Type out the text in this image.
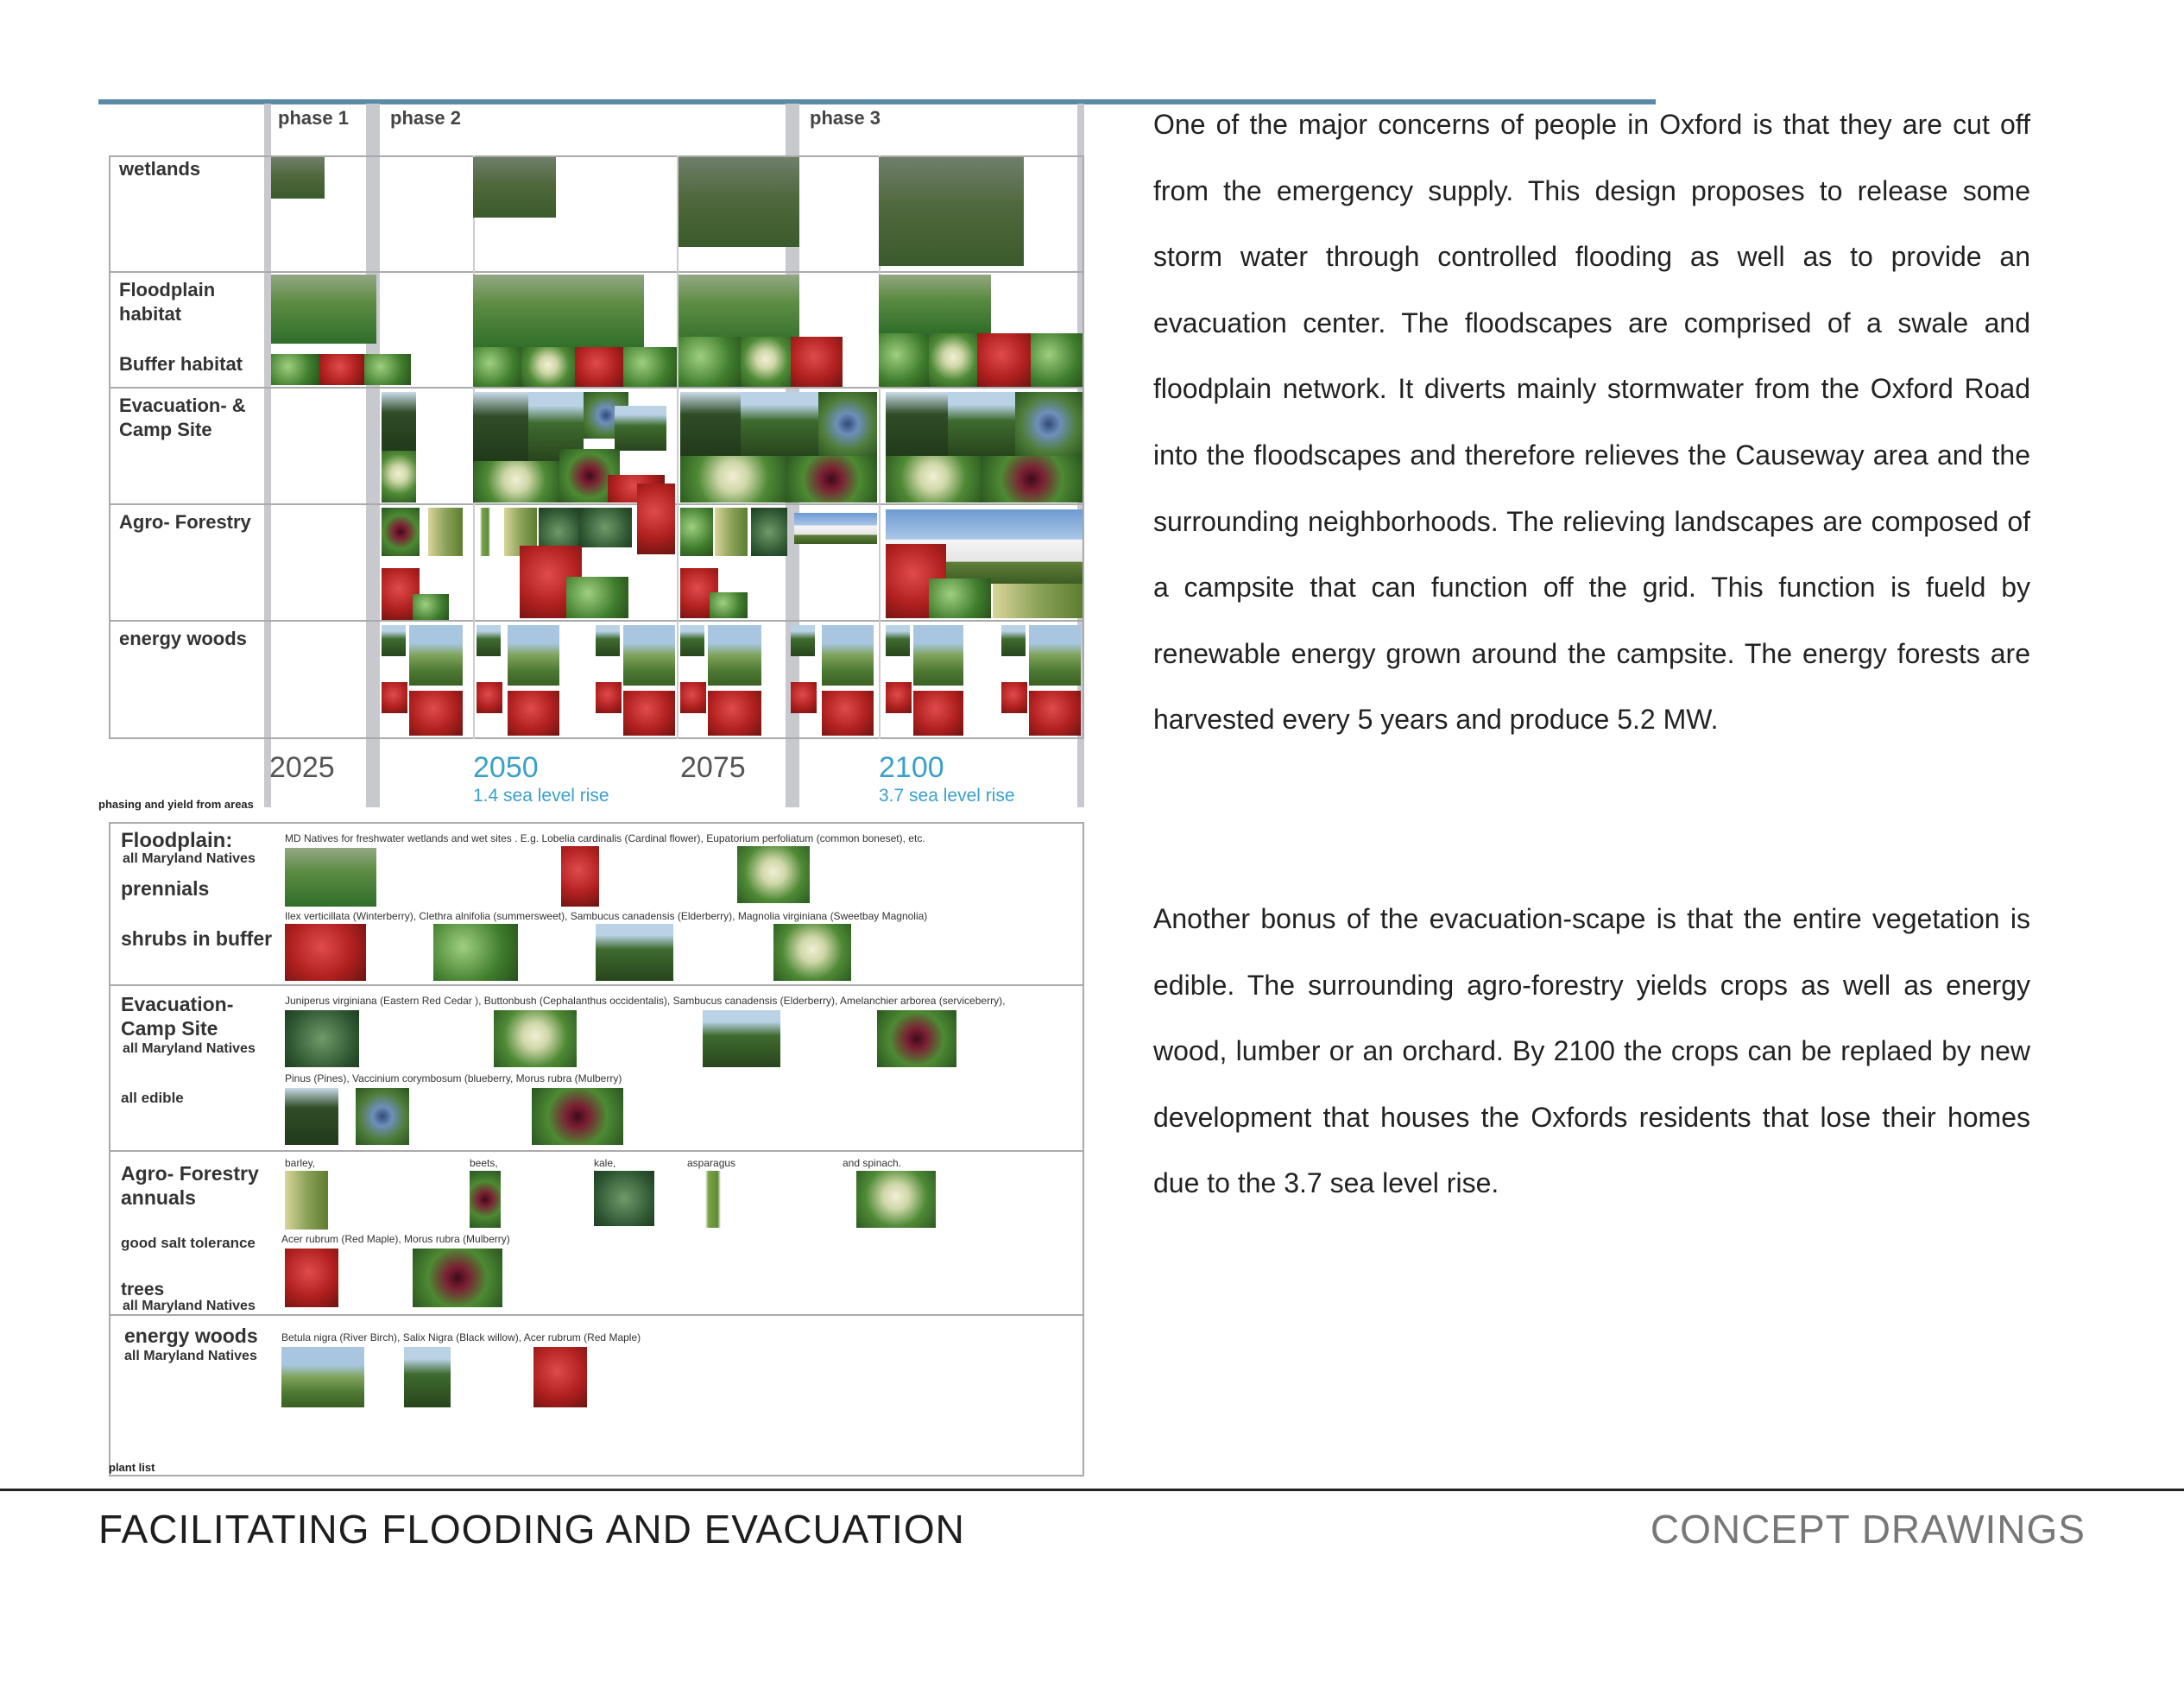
phase 1 phase 2	phase 3
wetlands
Floodplain habitat
Buffer habitat
Evacuation- & Camp Site
Agro- Forestry
energy woods
2025	2050	2075	2100
1.4 sea level rise	3.7 sea level rise
phasing and yield from areas
Floodplain:
all Maryland Natives
prennials
shrubs in buffer
MD Natives for freshwater wetlands and wet sites . E.g. Lobelia cardinalis (Cardinal flower), Eupatorium perfoliatum (common boneset), etc.
Ilex verticillata (Winterberry), Clethra alnifolia (summersweet), Sambucus canadensis (Elderberry), Magnolia virginiana (Sweetbay Magnolia)
Evacuation-
Camp Site
all Maryland Natives
all edible
Juniperus virginiana (Eastern Red Cedar ), Buttonbush (Cephalanthus occidentalis), Sambucus canadensis (Elderberry), Amelanchier arborea (serviceberry),
Pinus (Pines), Vaccinium corymbosum (blueberry, Morus rubra (Mulberry)
Agro- Forestry
annuals
good salt tolerance
trees
all Maryland Natives
barley,	beets,	kale,	asparagus	and spinach.
Acer rubrum (Red Maple), Morus rubra (Mulberry)
energy woods
all Maryland Natives
Betula nigra (River Birch), Salix Nigra (Black willow), Acer rubrum (Red Maple)
plant list

One of the major concerns of people in Oxford is that they are cut off from the emergency supply. This design proposes to release some storm water through controlled flooding as well as to provide an evacuation center. The floodscapes are comprised of a swale and floodplain network. It diverts mainly stormwater from the Oxford Road into the floodscapes and therefore relieves the Causeway area and the surrounding neighborhoods. The relieving landscapes are composed of a campsite that can function off the grid. This function is fueld by renewable energy grown around the campsite. The energy forests are harvested every 5 years and produce 5.2 MW.

Another bonus of the evacuation-scape is that the entire vegetation is edible. The surrounding agro-forestry yields crops as well as energy wood, lumber or an orchard. By 2100 the crops can be replaed by new development that houses the Oxfords residents that lose their homes due to the 3.7 sea level rise.

FACILITATING FLOODING AND EVACUATION	CONCEPT DRAWINGS
